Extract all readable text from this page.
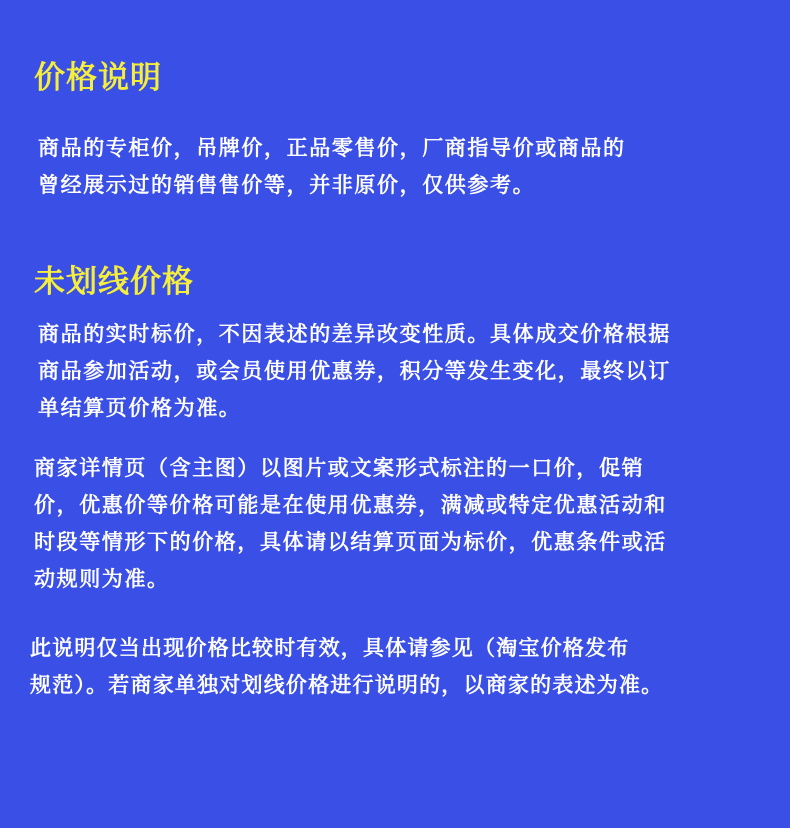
价格说明
商品的专柜价，吊牌价，正品零售价，厂商指导价或商品的
曾经展示过的销售售价等，并非原价，仅供参考。
未划线价格
商品的实时标价，不因表述的差异改变性质。具体成交价格根据
商品参加活动，或会员使用优惠券，积分等发生变化，最终以订
单结算页价格为准。
商家详情页（含主图）以图片或文案形式标注的一口价，促销
价，优惠价等价格可能是在使用优惠券，满减或特定优惠活动和
时段等情形下的价格，具体请以结算页面为标价，优惠条件或活
动规则为准。
此说明仅当出现价格比较时有效，具体请参见（淘宝价格发布
规范）。若商家单独对划线价格进行说明的，以商家的表述为准。
